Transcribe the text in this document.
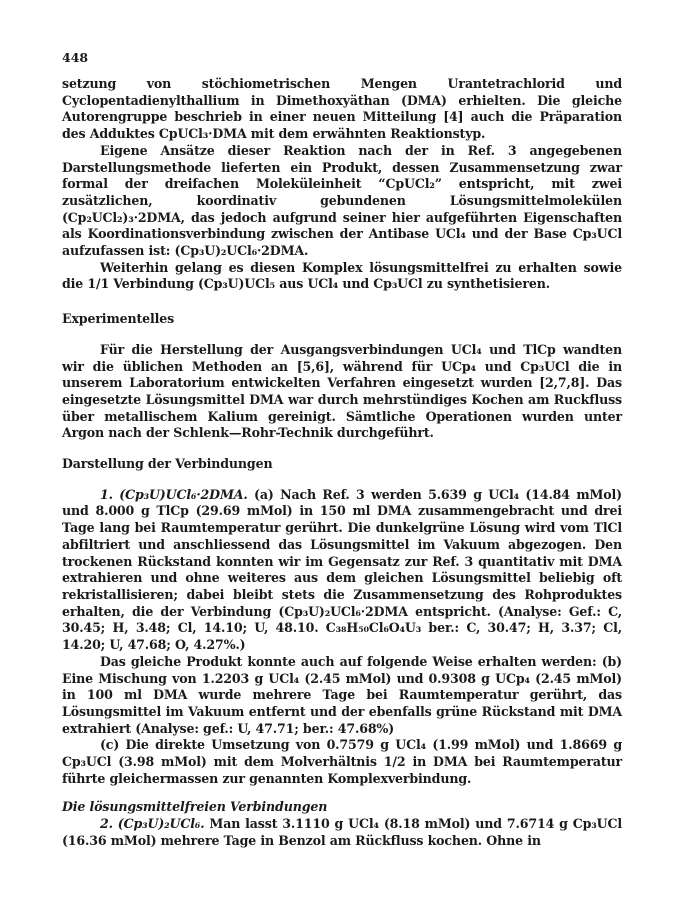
448

setzung von stöchiometrischen Mengen Urantetrachlorid und Cyclopentadienylthallium in Dimethoxyäthan (DMA) erhielten. Die gleiche Autorengruppe beschrieb in einer neuen Mitteilung [4] auch die Präparation des Adduktes CpUCl₃·DMA mit dem erwähnten Reaktionstyp.

Eigene Ansätze dieser Reaktion nach der in Ref. 3 angegebenen Darstellungsmethode lieferten ein Produkt, dessen Zusammensetzung zwar formal der dreifachen Moleküleinheit “CpUCl₂” entspricht, mit zwei zusätzlichen, koordinativ gebundenen Lösungsmittelmolekülen (Cp₂UCl₂)₃·2DMA, das jedoch aufgrund seiner hier aufgeführten Eigenschaften als Koordinationsverbindung zwischen der Antibase UCl₄ und der Base Cp₃UCl aufzufassen ist: (Cp₃U)₂UCl₆·2DMA.

Weiterhin gelang es diesen Komplex lösungsmittelfrei zu erhalten sowie die 1/1 Verbindung (Cp₃U)UCl₅ aus UCl₄ und Cp₃UCl zu synthetisieren.

Experimentelles

Für die Herstellung der Ausgangsverbindungen UCl₄ und TlCp wandten wir die üblichen Methoden an [5,6], während für UCp₄ und Cp₃UCl die in unserem Laboratorium entwickelten Verfahren eingesetzt wurden [2,7,8]. Das eingesetzte Lösungsmittel DMA war durch mehrstündiges Kochen am Ruckfluss über metallischem Kalium gereinigt. Sämtliche Operationen wurden unter Argon nach der Schlenk—Rohr-Technik durchgeführt.

Darstellung der Verbindungen

1. (Cp₃U)UCl₆·2DMA. (a) Nach Ref. 3 werden 5.639 g UCl₄ (14.84 mMol) und 8.000 g TlCp (29.69 mMol) in 150 ml DMA zusammengebracht und drei Tage lang bei Raumtemperatur gerührt. Die dunkelgrüne Lösung wird vom TlCl abfiltriert und anschliessend das Lösungsmittel im Vakuum abgezogen. Den trockenen Rückstand konnten wir im Gegensatz zur Ref. 3 quantitativ mit DMA extrahieren und ohne weiteres aus dem gleichen Lösungsmittel beliebig oft rekristallisieren; dabei bleibt stets die Zusammensetzung des Rohproduktes erhalten, die der Verbindung (Cp₃U)₂UCl₆·2DMA entspricht. (Analyse: Gef.: C, 30.45; H, 3.48; Cl, 14.10; U, 48.10. C₃₈H₅₀Cl₆O₄U₃ ber.: C, 30.47; H, 3.37; Cl, 14.20; U, 47.68; O, 4.27%.)

Das gleiche Produkt konnte auch auf folgende Weise erhalten werden: (b) Eine Mischung von 1.2203 g UCl₄ (2.45 mMol) und 0.9308 g UCp₄ (2.45 mMol) in 100 ml DMA wurde mehrere Tage bei Raumtemperatur gerührt, das Lösungsmittel im Vakuum entfernt und der ebenfalls grüne Rückstand mit DMA extrahiert (Analyse: gef.: U, 47.71; ber.: 47.68%)

(c) Die direkte Umsetzung von 0.7579 g UCl₄ (1.99 mMol) und 1.8669 g Cp₃UCl (3.98 mMol) mit dem Molverhältnis 1/2 in DMA bei Raumtemperatur führte gleichermassen zur genannten Komplexverbindung.

Die lösungsmittelfreien Verbindungen

2. (Cp₃U)₂UCl₆. Man lasst 3.1110 g UCl₄ (8.18 mMol) und 7.6714 g Cp₃UCl (16.36 mMol) mehrere Tage in Benzol am Rückfluss kochen. Ohne in
